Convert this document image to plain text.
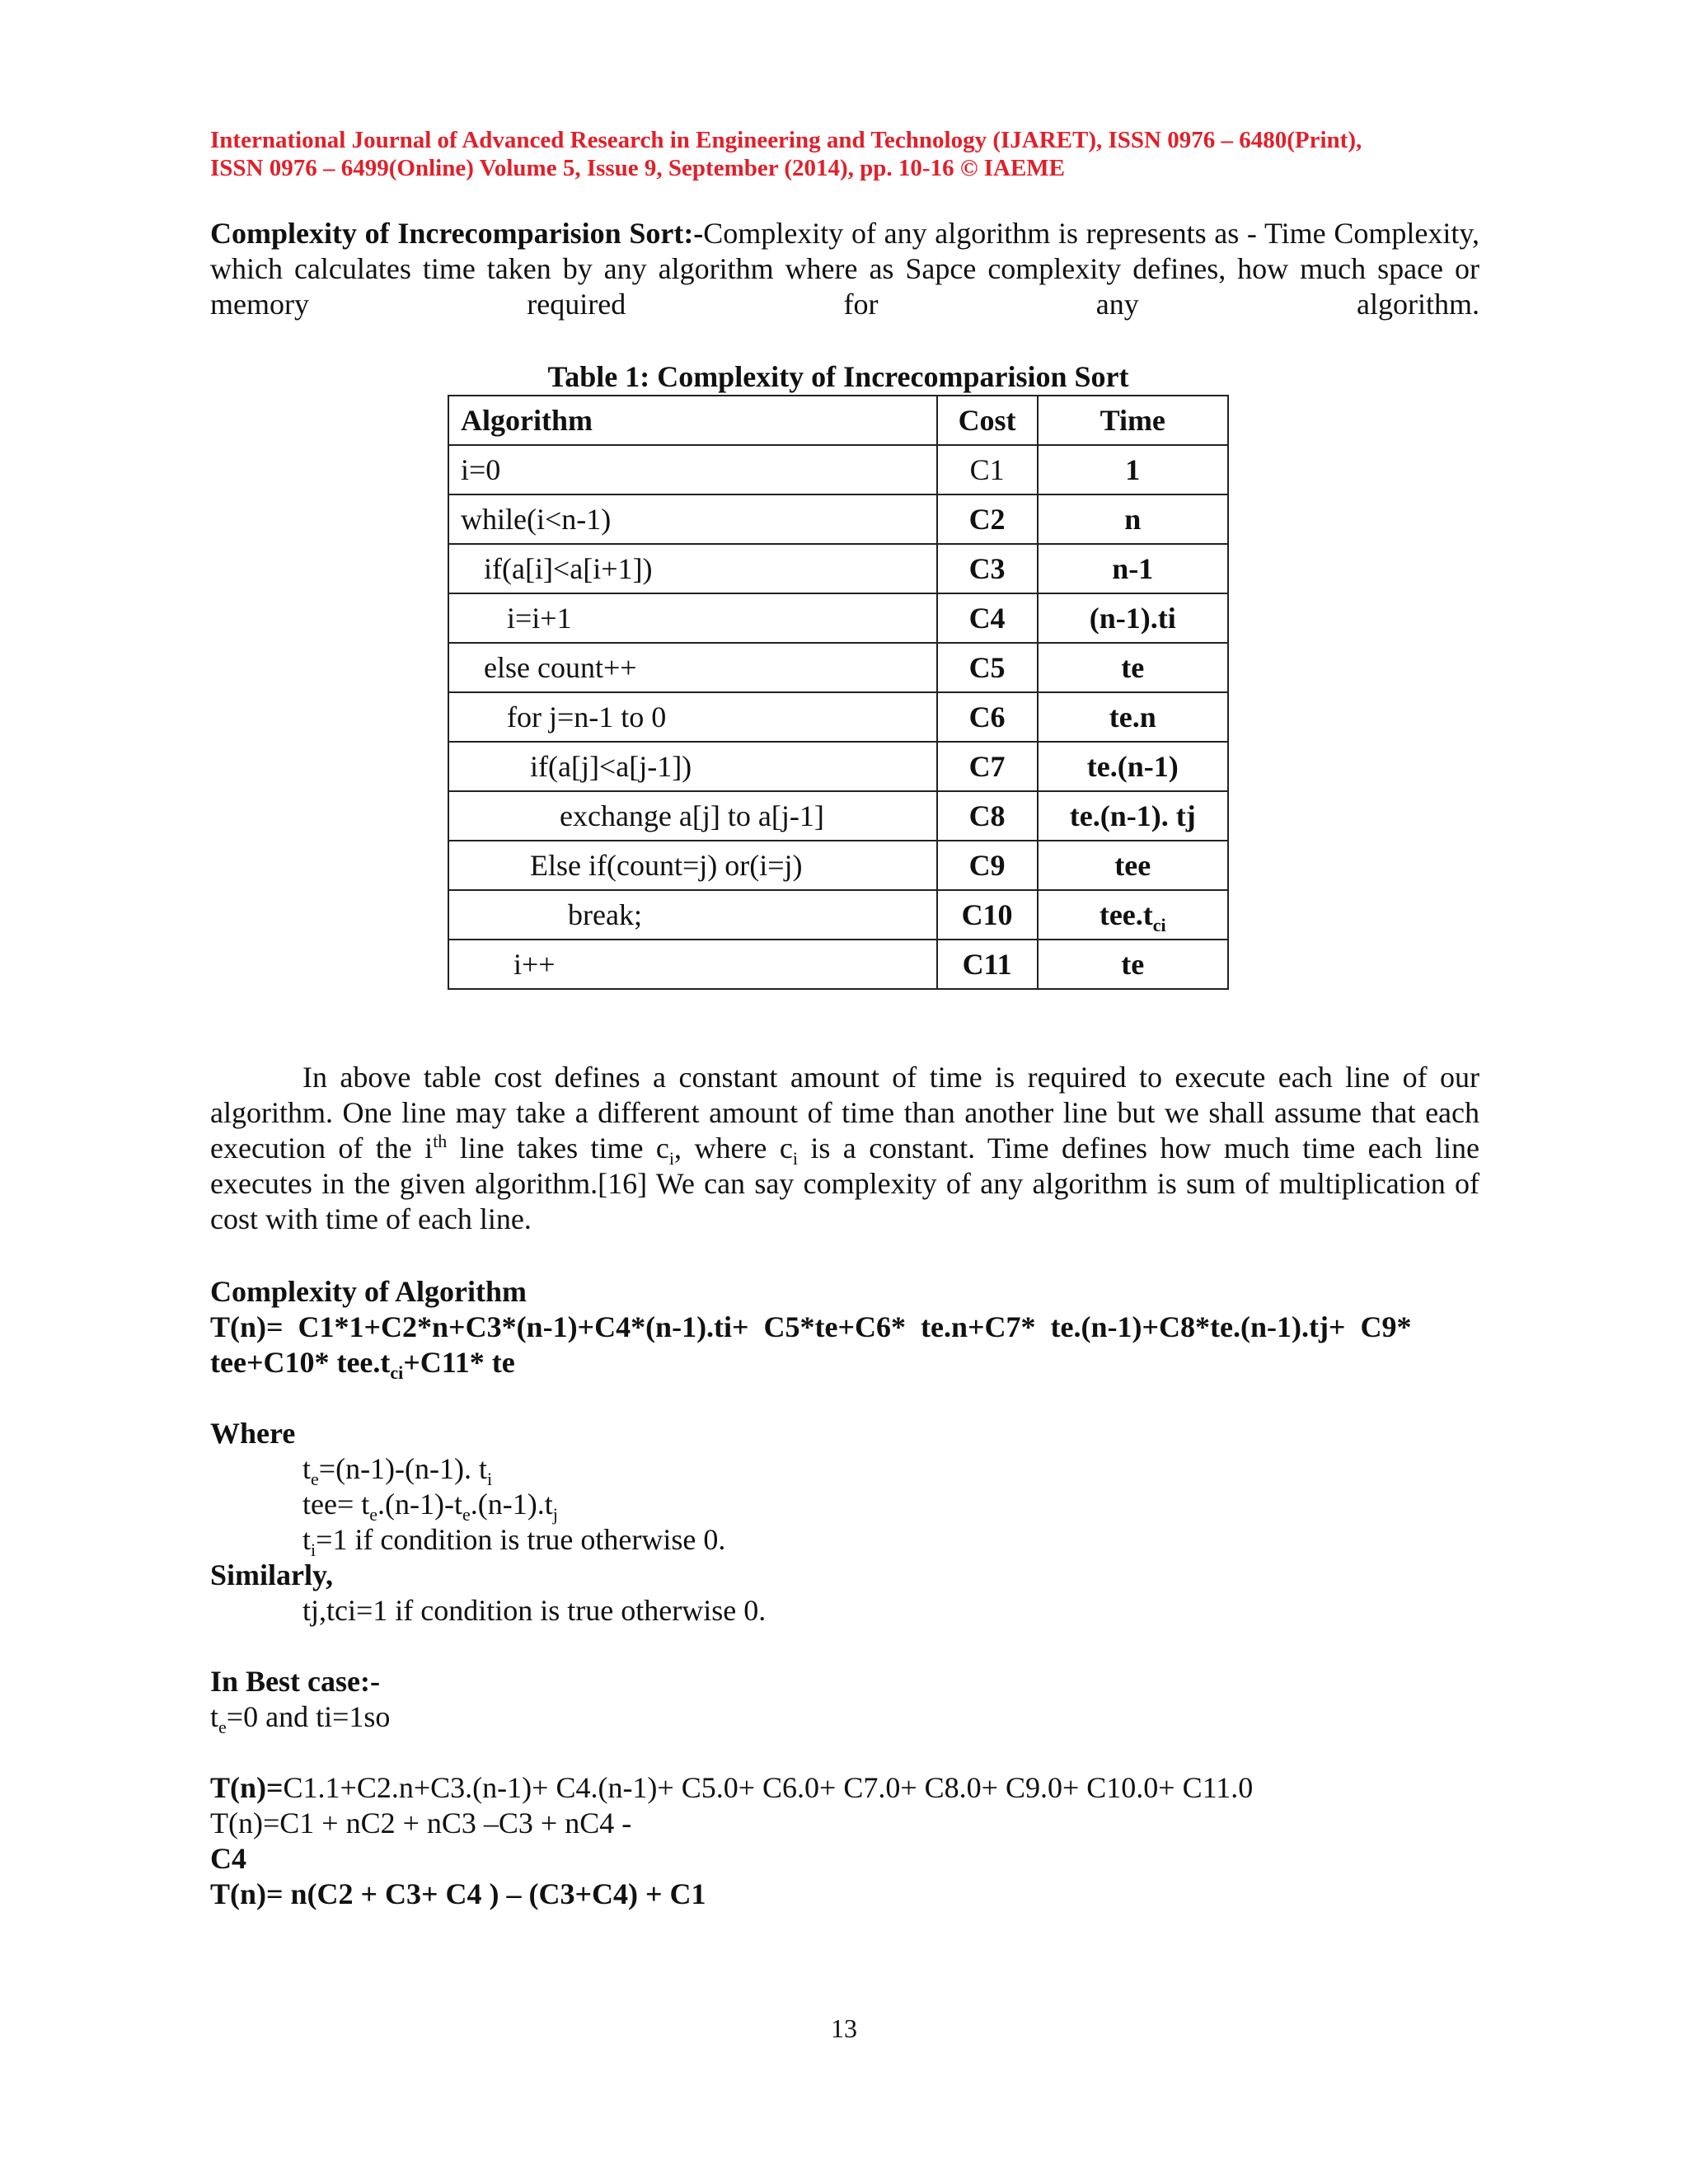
International Journal of Advanced Research in Engineering and Technology (IJARET), ISSN 0976 – 6480(Print),
ISSN 0976 – 6499(Online) Volume 5, Issue 9, September (2014), pp. 10-16 © IAEME

Complexity of Increcomparision Sort:-Complexity of any algorithm is represents as - Time Complexity, which calculates time taken by any algorithm where as Sapce complexity defines, how much space or memory required for any algorithm.

Table 1: Complexity of Increcomparision Sort
Algorithm	Cost	Time
i=0	C1	1
while(i<n-1)	C2	n
if(a[i]<a[i+1])	C3	n-1
i=i+1	C4	(n-1).ti
else count++	C5	te
for j=n-1 to 0	C6	te.n
if(a[j]<a[j-1])	C7	te.(n-1)
exchange a[j] to a[j-1]	C8	te.(n-1). tj
Else if(count=j) or(i=j)	C9	tee
break;	C10	$tee.t_{ci}$
i++	C11	te

In above table cost defines a constant amount of time is required to execute each line of our algorithm. One line may take a different amount of time than another line but we shall assume that each execution of the $i^{th}$ line takes time $c_i$, where $c_i$ is a constant. Time defines how much time each line executes in the given algorithm.[16] We can say complexity of any algorithm is sum of multiplication of cost with time of each line.

Complexity of Algorithm
T(n)=  C1*1+C2*n+C3*(n-1)+C4*(n-1).ti+  C5*te+C6*  te.n+C7*  te.(n-1)+C8*te.(n-1).tj+  C9*
tee+C10* $tee.t_{ci}+C11*$ te
Where
$t_e=(n-1)-(n-1)$. $t_i$
$tee= t_e.(n-1)-t_e.(n-1).t_j$
$t_i=1$ if condition is true otherwise 0.
Similarly,
tj,tci=1 if condition is true otherwise 0.
In Best case:-
$t_e=0$ and ti=1so
T(n)=C1.1+C2.n+C3.(n-1)+ C4.(n-1)+ C5.0+ C6.0+ C7.0+ C8.0+ C9.0+ C10.0+ C11.0
T(n)=C1 + nC2 + nC3 –C3 + nC4 -
C4
T(n)= n(C2 + C3+ C4 ) – (C3+C4) + C1
13
